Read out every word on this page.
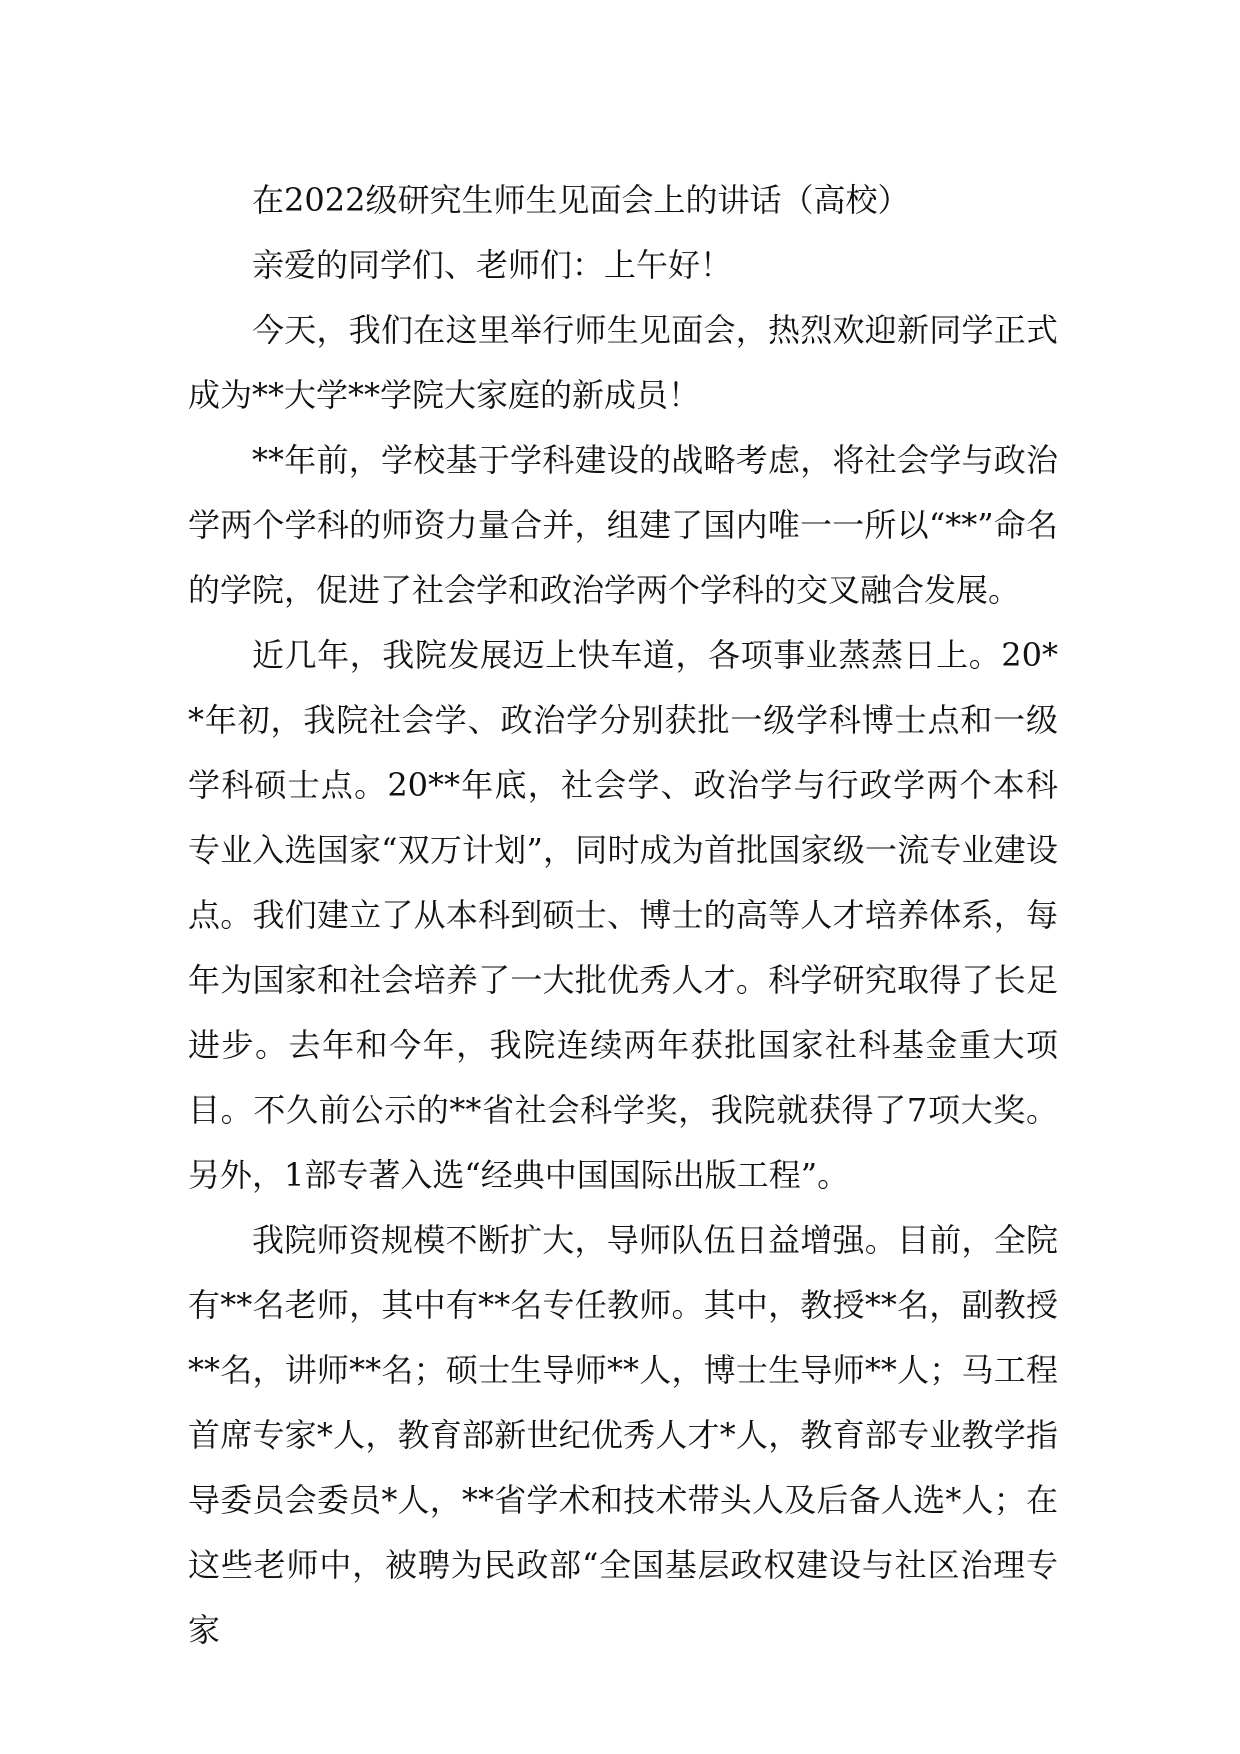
在2022级研究生师生见面会上的讲话（高校）

亲爱的同学们、老师们：上午好！

今天，我们在这里举行师生见面会，热烈欢迎新同学正式成为**大学**学院大家庭的新成员！

**年前，学校基于学科建设的战略考虑，将社会学与政治学两个学科的师资力量合并，组建了国内唯一一所以“**”命名的学院，促进了社会学和政治学两个学科的交叉融合发展。

近几年，我院发展迈上快车道，各项事业蒸蒸日上。20**年初，我院社会学、政治学分别获批一级学科博士点和一级学科硕士点。20**年底，社会学、政治学与行政学两个本科专业入选国家“双万计划”，同时成为首批国家级一流专业建设点。我们建立了从本科到硕士、博士的高等人才培养体系，每年为国家和社会培养了一大批优秀人才。科学研究取得了长足进步。去年和今年，我院连续两年获批国家社科基金重大项目。不久前公示的**省社会科学奖，我院就获得了7项大奖。另外，1部专著入选“经典中国国际出版工程”。

我院师资规模不断扩大，导师队伍日益增强。目前，全院有**名老师，其中有**名专任教师。其中，教授**名，副教授**名，讲师**名；硕士生导师**人，博士生导师**人；马工程首席专家*人，教育部新世纪优秀人才*人，教育部专业教学指导委员会委员*人，**省学术和技术带头人及后备人选*人；在这些老师中，被聘为民政部“全国基层政权建设与社区治理专家
